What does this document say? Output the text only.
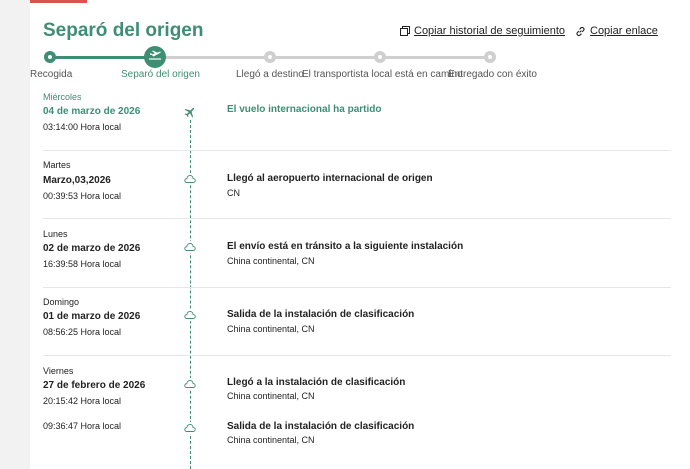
Separó del origen	Copiar historial de seguimiento Copiar enlace
Recogida	Separó del origen	Llegó a destino
El transportista local está en camino
Entregado con éxito
Miércoles
04 de marzo de 2026
03:14:00 Hora local
El vuelo internacional ha partido
Martes
Marzo,03,2026
00:39:53 Hora local
Llegó al aeropuerto internacional de origen
CN
Lunes
02 de marzo de 2026
16:39:58 Hora local
El envío está en tránsito a la siguiente instalación
China continental, CN
Domingo
01 de marzo de 2026
08:56:25 Hora local
Salida de la instalación de clasificación
China continental, CN
Viernes
27 de febrero de 2026
20:15:42 Hora local
Llegó a la instalación de clasificación
China continental, CN
09:36:47 Hora local	Salida de la instalación de clasificación
China continental, CN
